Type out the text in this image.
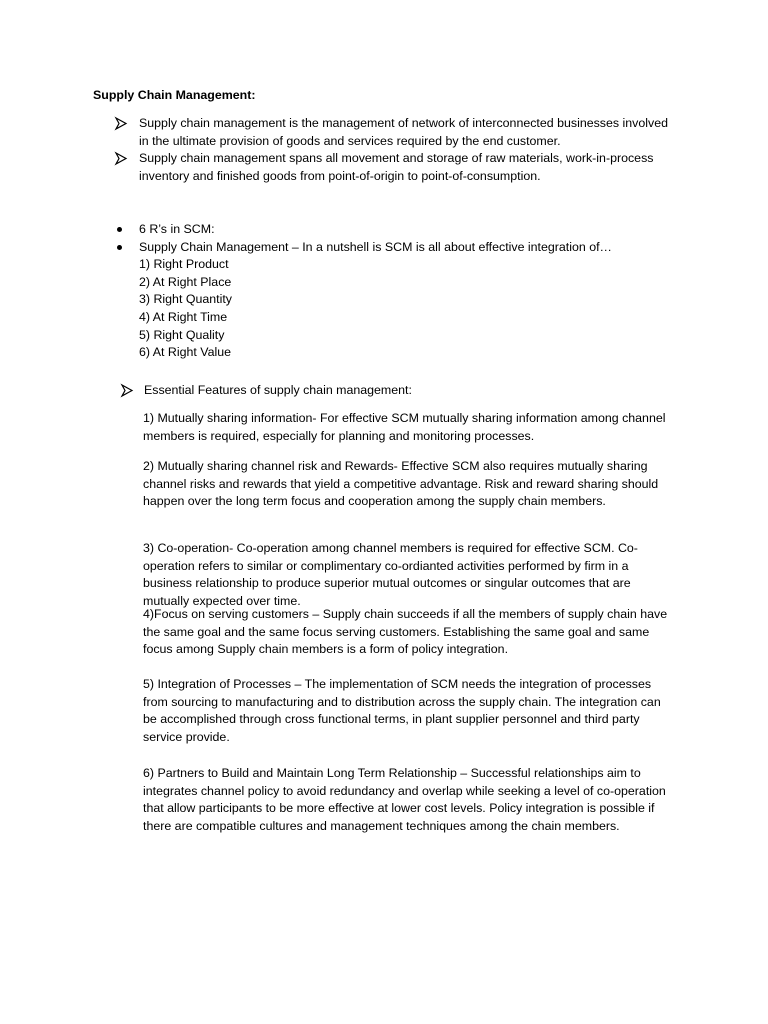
Supply Chain Management:
Supply chain management is the management of network of interconnected businesses involved in the ultimate provision of goods and services required by the end customer.
Supply chain management spans all movement and storage of raw materials, work-in-process inventory and finished goods from point-of-origin to point-of-consumption.
6 R’s in SCM:
Supply Chain Management – In a nutshell is SCM is all about effective integration of…
1) Right Product
2) At Right Place
3) Right Quantity
4) At Right Time
5) Right Quality
6) At Right Value
Essential Features of supply chain management:
1) Mutually sharing information- For effective SCM mutually sharing information among channel members is required, especially for planning and monitoring processes.
2) Mutually sharing channel risk and Rewards- Effective SCM also requires mutually sharing channel risks and rewards that yield a competitive advantage. Risk and reward sharing should happen over the long term focus and cooperation among the supply chain members.
3) Co-operation- Co-operation among channel members is required for effective SCM. Co-operation refers to similar or complimentary co-ordianted activities performed by firm in a business relationship to produce superior mutual outcomes or singular outcomes that are mutually expected over time.
4)Focus on serving customers – Supply chain succeeds if all the members of supply chain have the same goal and the same focus serving customers. Establishing the same goal and same focus among Supply chain members is a form of policy integration.
5) Integration of Processes – The implementation of SCM needs the integration of processes from sourcing to manufacturing and to distribution across the supply chain. The integration can be accomplished through cross functional terms, in plant supplier personnel and third party service provide.
6) Partners to Build and Maintain Long Term Relationship – Successful relationships aim to integrates channel policy to avoid redundancy and overlap while seeking a level of co-operation that allow participants to be more effective at lower cost levels. Policy integration is possible if there are compatible cultures and management techniques among the chain members.
